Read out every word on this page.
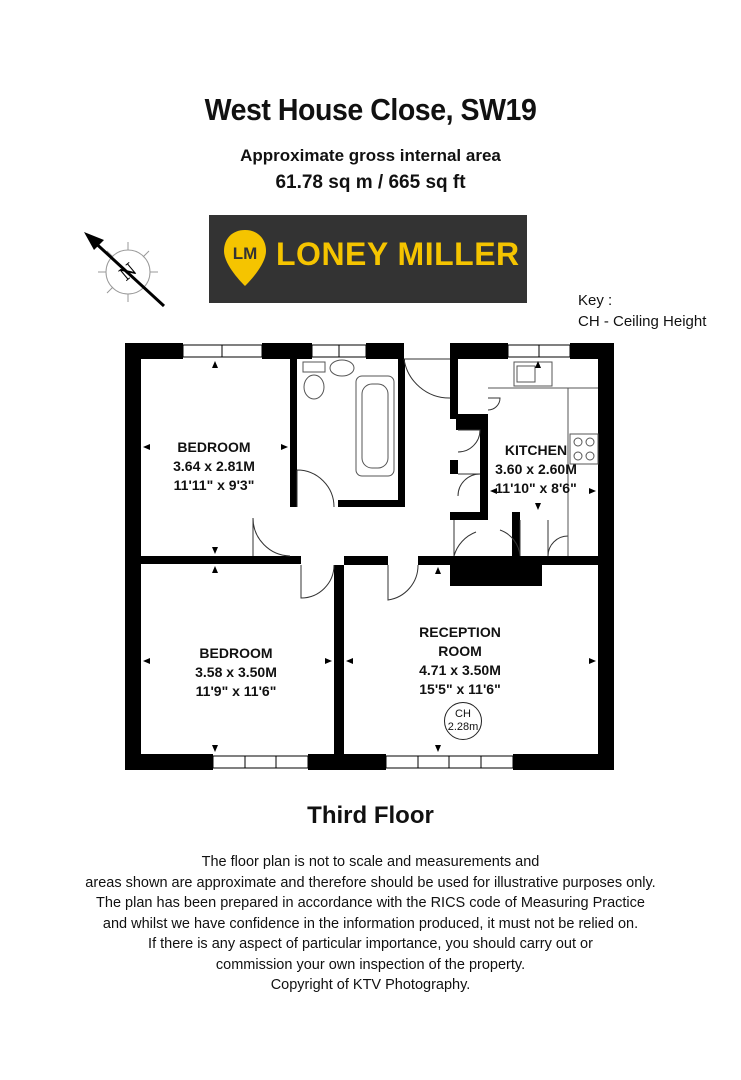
West House Close, SW19
Approximate gross internal area
61.78 sq m / 665 sq ft
N
LM LONEY MILLER
Key :
CH - Ceiling Height
BEDROOM
3.64 x 2.81M
11'11" x 9'3"
KITCHEN
3.60 x 2.60M
11'10" x 8'6"
BEDROOM
3.58 x 3.50M
11'9" x 11'6"
RECEPTION
ROOM
4.71 x 3.50M
15'5" x 11'6"
CH
2.28m
Third Floor
The floor plan is not to scale and measurements and
areas shown are approximate and therefore should be used for illustrative purposes only.
The plan has been prepared in accordance with the RICS code of Measuring Practice
and whilst we have confidence in the information produced, it must not be relied on.
If there is any aspect of particular importance, you should carry out or
commission your own inspection of the property.
Copyright of KTV Photography.
